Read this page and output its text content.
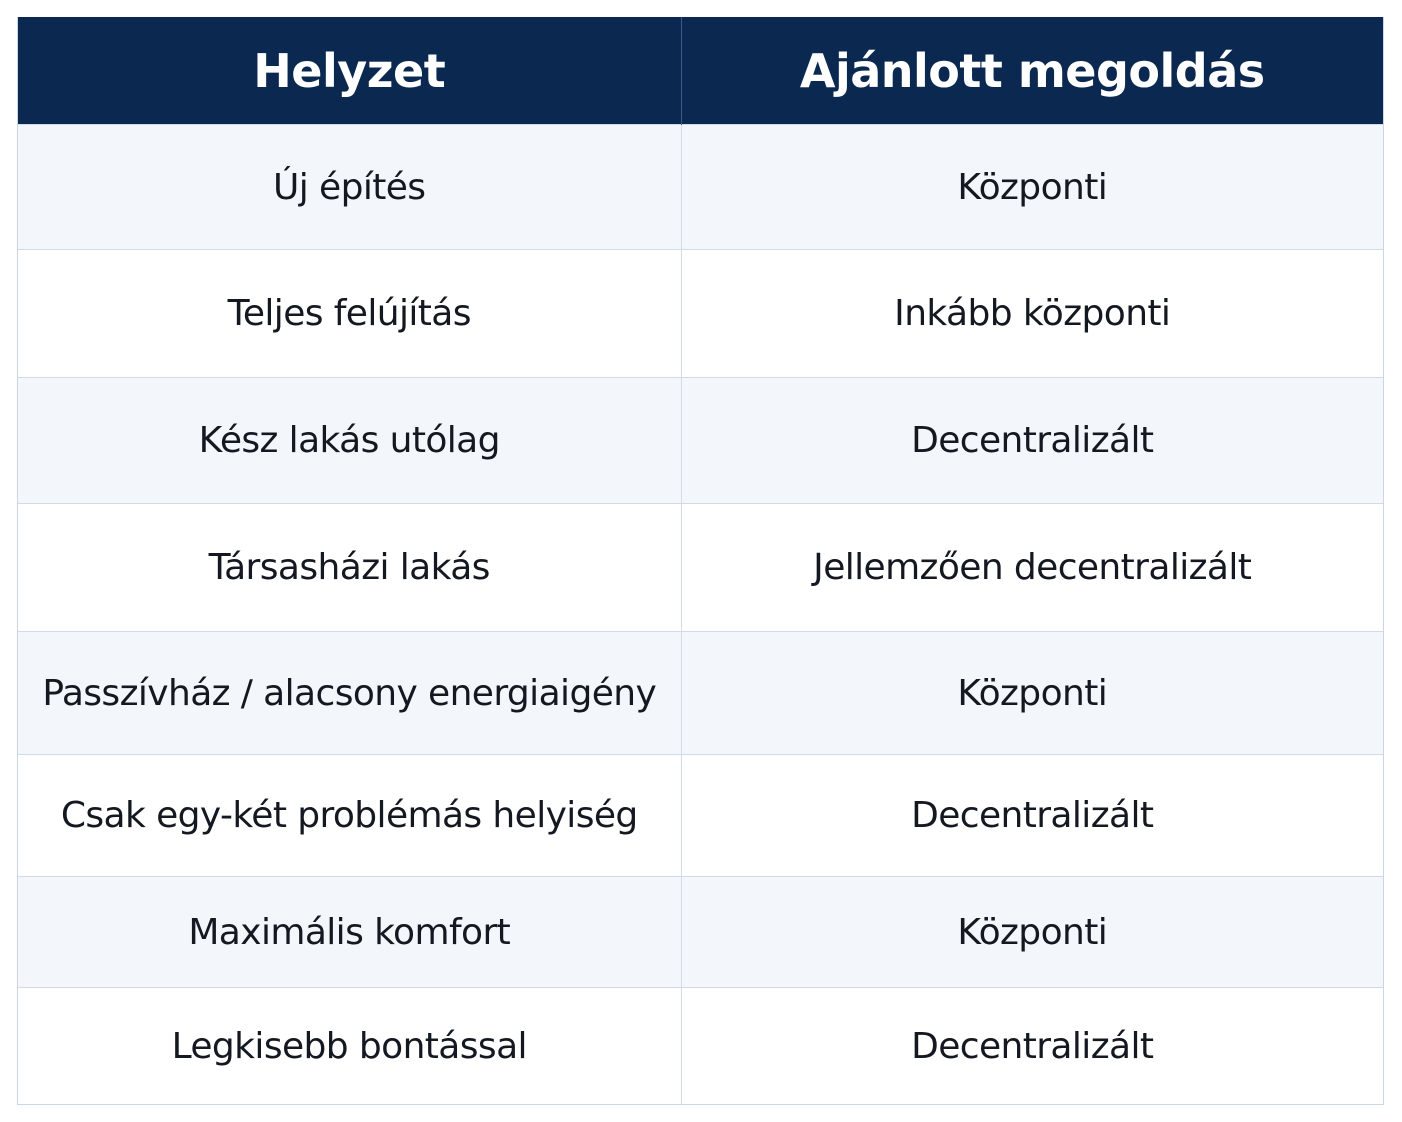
Helyzet	Ajánlott megoldás
Új építés	Központi
Teljes felújítás	Inkább központi
Kész lakás utólag	Decentralizált
Társasházi lakás	Jellemzően decentralizált
Passzívház / alacsony energiaigény	Központi
Csak egy-két problémás helyiség	Decentralizált
Maximális komfort	Központi
Legkisebb bontással	Decentralizált
